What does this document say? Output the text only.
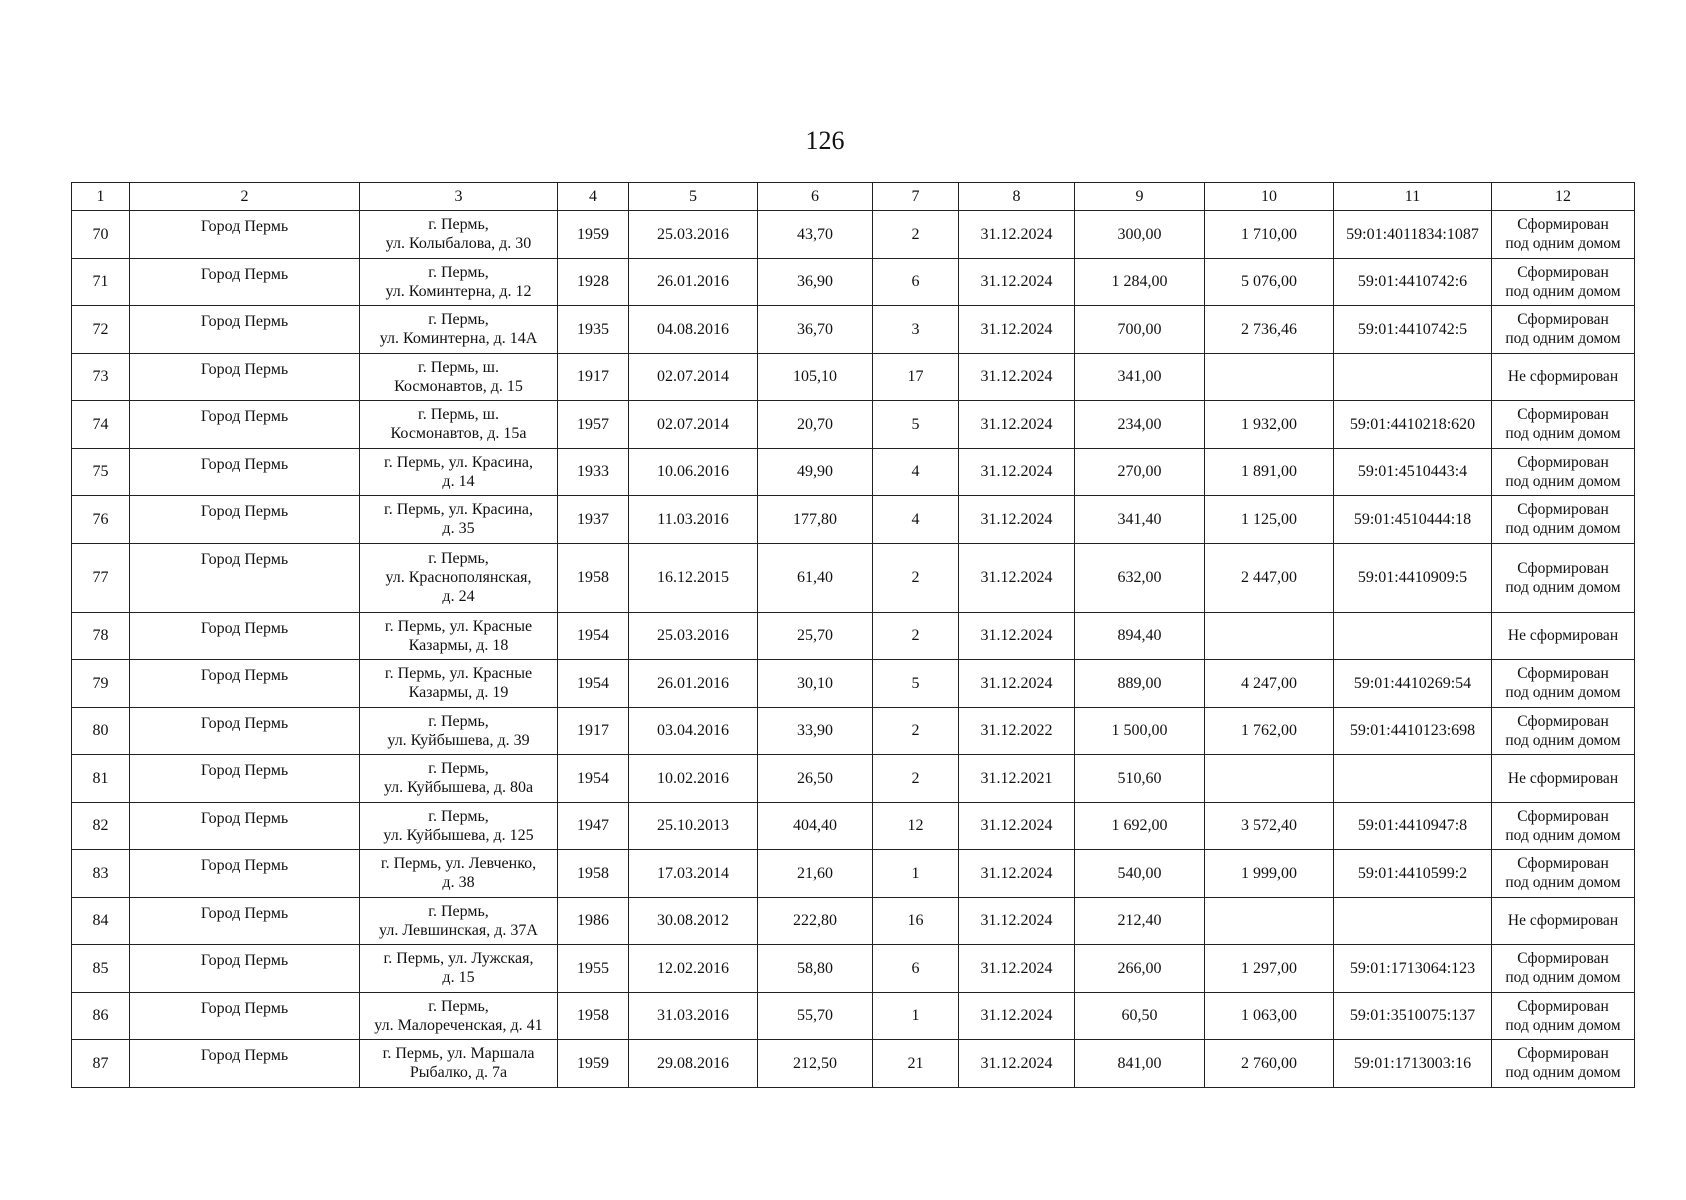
126
1	2	3	4	5	6	7	8	9	10	11	12
70	Город Пермь	г. Пермь,
ул. Колыбалова, д. 30	1959	25.03.2016	43,70	2	31.12.2024	300,00	1 710,00	59:01:4011834:1087	Сформирован
под одним домом
71	Город Пермь	г. Пермь,
ул. Коминтерна, д. 12	1928	26.01.2016	36,90	6	31.12.2024	1 284,00	5 076,00	59:01:4410742:6	Сформирован
под одним домом
72	Город Пермь	г. Пермь,
ул. Коминтерна, д. 14А	1935	04.08.2016	36,70	3	31.12.2024	700,00	2 736,46	59:01:4410742:5	Сформирован
под одним домом
73	Город Пермь	г. Пермь, ш.
Космонавтов, д. 15	1917	02.07.2014	105,10	17	31.12.2024	341,00			Не сформирован
74	Город Пермь	г. Пермь, ш.
Космонавтов, д. 15а	1957	02.07.2014	20,70	5	31.12.2024	234,00	1 932,00	59:01:4410218:620	Сформирован
под одним домом
75	Город Пермь	г. Пермь, ул. Красина,
д. 14	1933	10.06.2016	49,90	4	31.12.2024	270,00	1 891,00	59:01:4510443:4	Сформирован
под одним домом
76	Город Пермь	г. Пермь, ул. Красина,
д. 35	1937	11.03.2016	177,80	4	31.12.2024	341,40	1 125,00	59:01:4510444:18	Сформирован
под одним домом
77	Город Пермь	г. Пермь,
ул. Краснополянская,
д. 24	1958	16.12.2015	61,40	2	31.12.2024	632,00	2 447,00	59:01:4410909:5	Сформирован
под одним домом
78	Город Пермь	г. Пермь, ул. Красные
Казармы, д. 18	1954	25.03.2016	25,70	2	31.12.2024	894,40			Не сформирован
79	Город Пермь	г. Пермь, ул. Красные
Казармы, д. 19	1954	26.01.2016	30,10	5	31.12.2024	889,00	4 247,00	59:01:4410269:54	Сформирован
под одним домом
80	Город Пермь	г. Пермь,
ул. Куйбышева, д. 39	1917	03.04.2016	33,90	2	31.12.2022	1 500,00	1 762,00	59:01:4410123:698	Сформирован
под одним домом
81	Город Пермь	г. Пермь,
ул. Куйбышева, д. 80а	1954	10.02.2016	26,50	2	31.12.2021	510,60			Не сформирован
82	Город Пермь	г. Пермь,
ул. Куйбышева, д. 125	1947	25.10.2013	404,40	12	31.12.2024	1 692,00	3 572,40	59:01:4410947:8	Сформирован
под одним домом
83	Город Пермь	г. Пермь, ул. Левченко,
д. 38	1958	17.03.2014	21,60	1	31.12.2024	540,00	1 999,00	59:01:4410599:2	Сформирован
под одним домом
84	Город Пермь	г. Пермь,
ул. Левшинская, д. 37А	1986	30.08.2012	222,80	16	31.12.2024	212,40			Не сформирован
85	Город Пермь	г. Пермь, ул. Лужская,
д. 15	1955	12.02.2016	58,80	6	31.12.2024	266,00	1 297,00	59:01:1713064:123	Сформирован
под одним домом
86	Город Пермь	г. Пермь,
ул. Малореченская, д. 41	1958	31.03.2016	55,70	1	31.12.2024	60,50	1 063,00	59:01:3510075:137	Сформирован
под одним домом
87	Город Пермь	г. Пермь, ул. Маршала
Рыбалко, д. 7а	1959	29.08.2016	212,50	21	31.12.2024	841,00	2 760,00	59:01:1713003:16	Сформирован
под одним домом
